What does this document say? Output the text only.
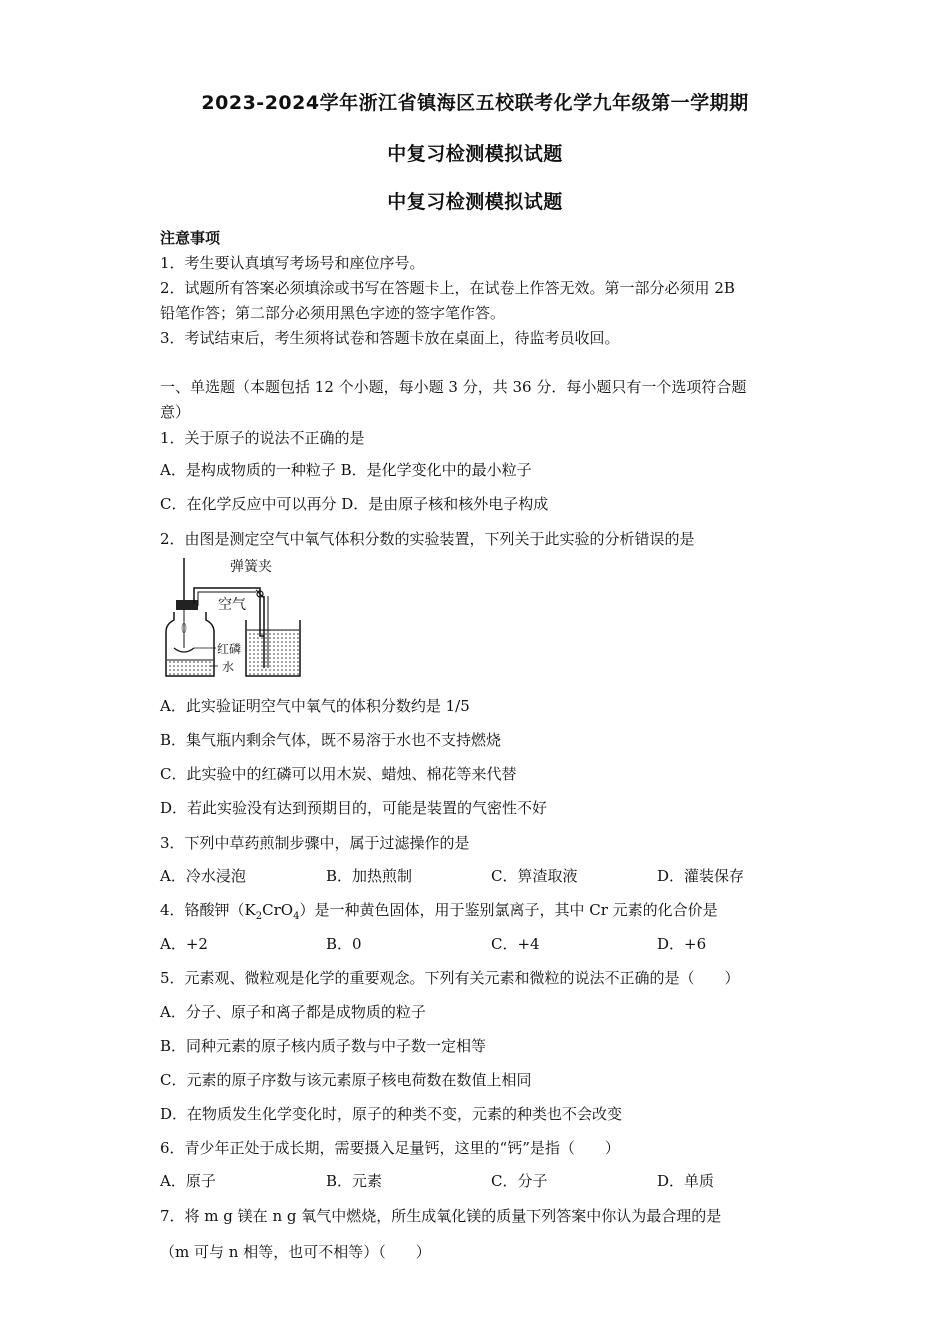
2023-2024学年浙江省镇海区五校联考化学九年级第一学期期
中复习检测模拟试题
中复习检测模拟试题
注意事项
1．考生要认真填写考场号和座位序号。
2．试题所有答案必须填涂或书写在答题卡上，在试卷上作答无效。第一部分必须用 2B
铅笔作答；第二部分必须用黑色字迹的签字笔作答。
3．考试结束后，考生须将试卷和答题卡放在桌面上，待监考员收回。
一、单选题（本题包括 12 个小题，每小题 3 分，共 36 分．每小题只有一个选项符合题
意）
1．关于原子的说法不正确的是
A．是构成物质的一种粒子 B．是化学变化中的最小粒子
C．在化学反应中可以再分 D．是由原子核和核外电子构成
2．由图是测定空气中氧气体积分数的实验装置，下列关于此实验的分析错误的是
弹簧夹
空气
红磷
水
A．此实验证明空气中氧气的体积分数约是 1/5
B．集气瓶内剩余气体，既不易溶于水也不支持燃烧
C．此实验中的红磷可以用木炭、蜡烛、棉花等来代替
D．若此实验没有达到预期目的，可能是装置的气密性不好
3．下列中草药煎制步骤中，属于过滤操作的是
A．冷水浸泡	B．加热煎制	C．箅渣取液	D．灌装保存
4．铬酸钾$(K_2CrO_4)$是一种黄色固体，用于鉴别氯离子，其中 Cr 元素的化合价是
A．+2	B．0	C．+4	D．+6
5．元素观、微粒观是化学的重要观念。下列有关元素和微粒的说法不正确的是（　　）
A．分子、原子和离子都是成物质的粒子
B．同种元素的原子核内质子数与中子数一定相等
C．元素的原子序数与该元素原子核电荷数在数值上相同
D．在物质发生化学变化时，原子的种类不变，元素的种类也不会改变
6．青少年正处于成长期，需要摄入足量钙，这里的“钙”是指（　　）
A．原子	B．元素	C．分子	D．单质
7．将 m g 镁在 n g 氧气中燃烧，所生成氧化镁的质量下列答案中你认为最合理的是
（m 可与 n 相等，也可不相等）（　　）
